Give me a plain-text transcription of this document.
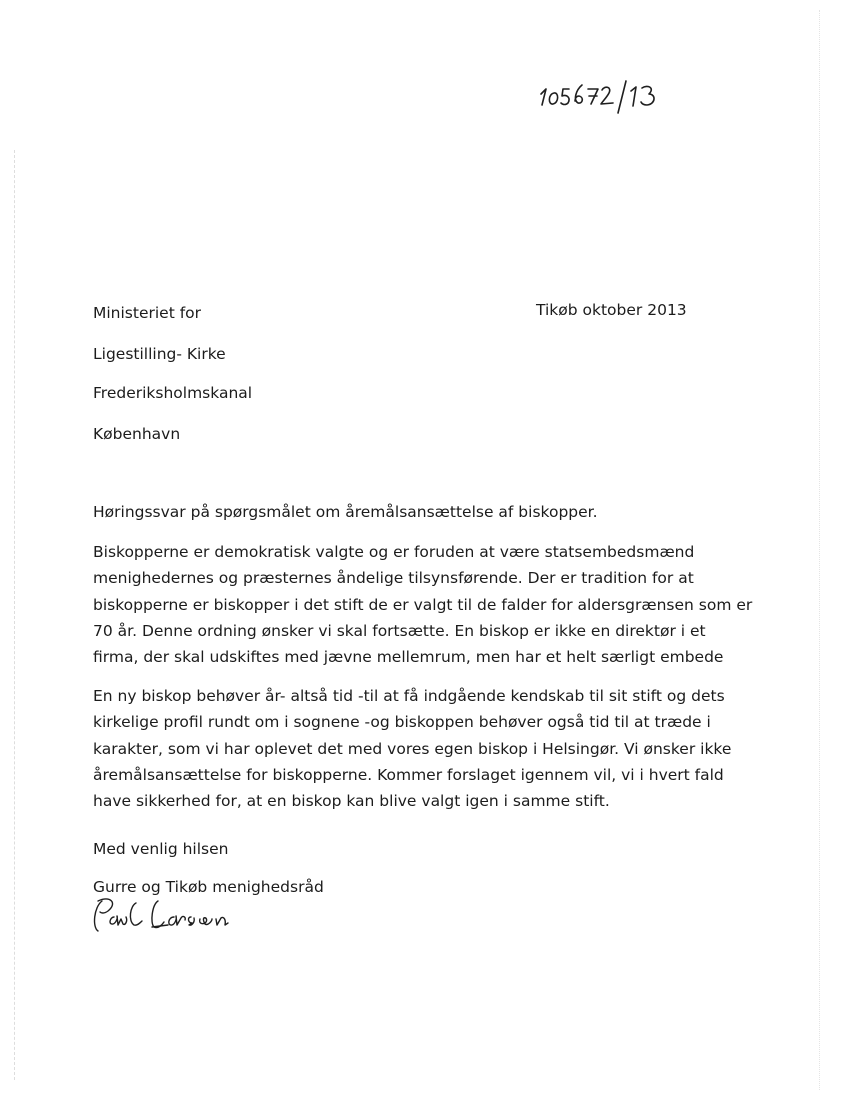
Ministeriet for
Ligestilling- Kirke
Frederiksholmskanal
København
Tikøb oktober 2013
Høringssvar på spørgsmålet om åremålsansættelse af biskopper.
Biskopperne er demokratisk valgte og er foruden at være statsembedsmænd
menighedernes og præsternes åndelige tilsynsførende. Der er tradition for at
biskopperne er biskopper i det stift de er valgt til de falder for aldersgrænsen som er
70 år. Denne ordning ønsker vi skal fortsætte. En biskop er ikke en direktør i et
firma, der skal udskiftes med jævne mellemrum, men har et helt særligt embede
En ny biskop behøver år- altså tid -til at få indgående kendskab til sit stift og dets
kirkelige profil rundt om i sognene -og biskoppen behøver også tid til at træde i
karakter, som vi har oplevet det med vores egen biskop i Helsingør. Vi ønsker ikke
åremålsansættelse for biskopperne. Kommer forslaget igennem vil, vi i hvert fald
have sikkerhed for, at en biskop kan blive valgt igen i samme stift.
Med venlig hilsen
Gurre og Tikøb menighedsråd
